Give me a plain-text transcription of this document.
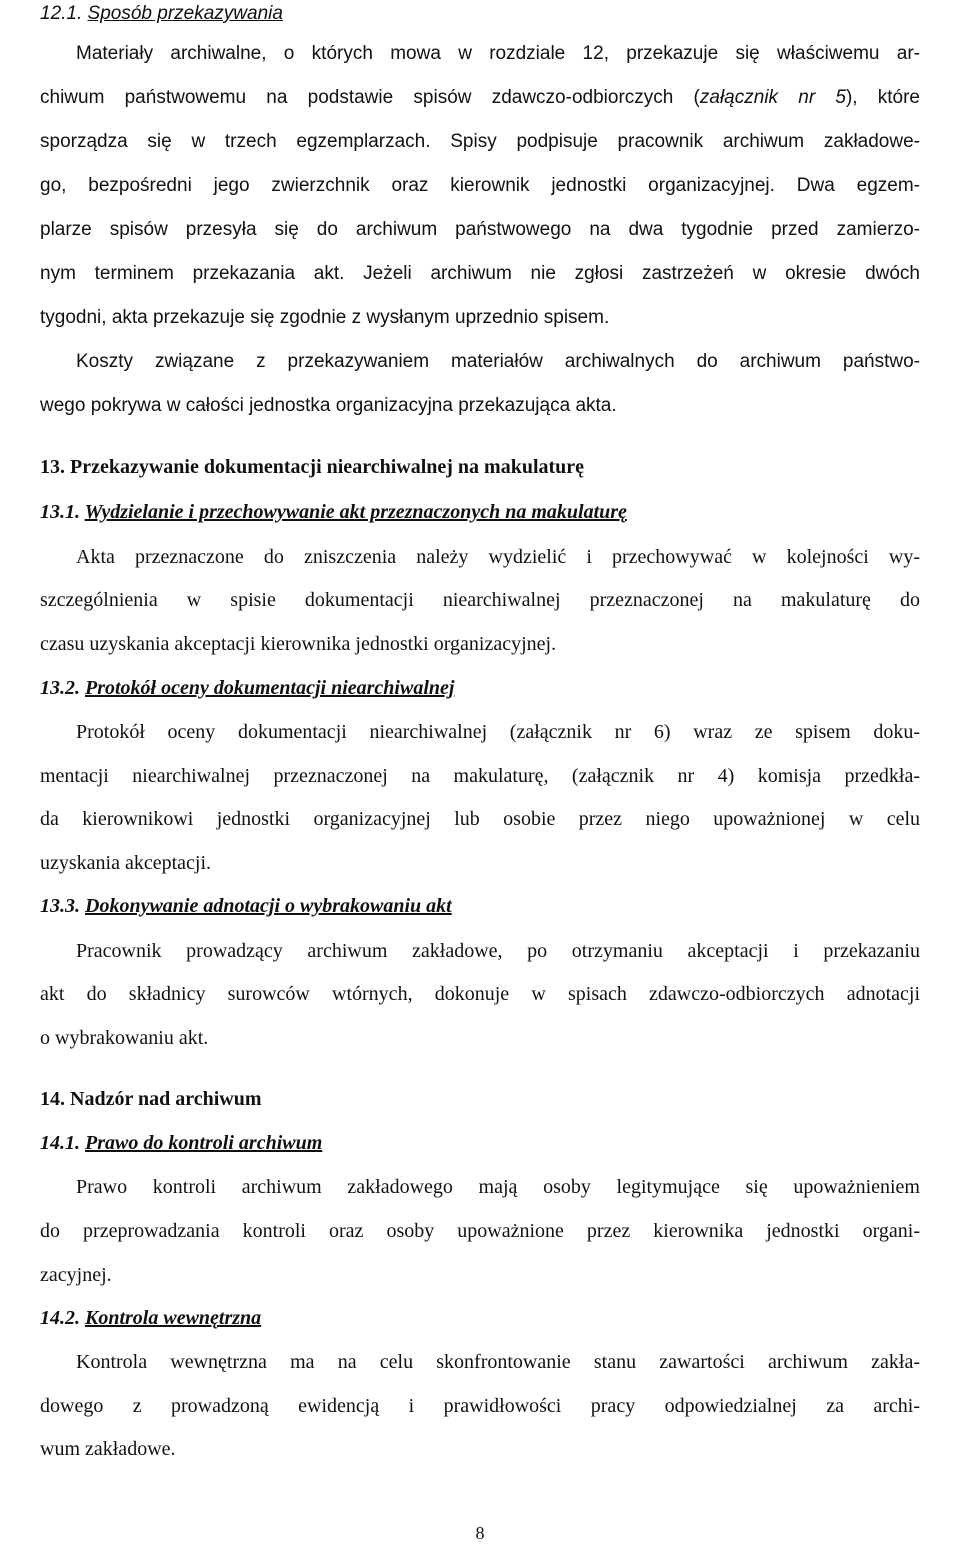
12.1. Sposób przekazywania
Materiały archiwalne, o których mowa w rozdziale 12, przekazuje się właściwemu ar-
chiwum państwowemu na podstawie spisów zdawczo-odbiorczych (załącznik nr 5), które
sporządza się w trzech egzemplarzach. Spisy podpisuje pracownik archiwum zakładowe-
go, bezpośredni jego zwierzchnik oraz kierownik jednostki organizacyjnej. Dwa egzem-
plarze spisów przesyła się do archiwum państwowego na dwa tygodnie przed zamierzo-
nym terminem przekazania akt. Jeżeli archiwum nie zgłosi zastrzeżeń w okresie dwóch
tygodni, akta przekazuje się zgodnie z wysłanym uprzednio spisem.
Koszty związane z przekazywaniem materiałów archiwalnych do archiwum państwo-
wego pokrywa w całości jednostka organizacyjna przekazująca akta.
13. Przekazywanie dokumentacji niearchiwalnej na makulaturę
13.1. Wydzielanie i przechowywanie akt przeznaczonych na makulaturę
Akta przeznaczone do zniszczenia należy wydzielić i przechowywać w kolejności wy-
szczególnienia w spisie dokumentacji niearchiwalnej przeznaczonej na makulaturę do
czasu uzyskania akceptacji kierownika jednostki organizacyjnej.
13.2. Protokół oceny dokumentacji niearchiwalnej
Protokół oceny dokumentacji niearchiwalnej (załącznik nr 6) wraz ze spisem doku-
mentacji niearchiwalnej przeznaczonej na makulaturę, (załącznik nr 4) komisja przedkła-
da kierownikowi jednostki organizacyjnej lub osobie przez niego upoważnionej w celu
uzyskania akceptacji.
13.3. Dokonywanie adnotacji o wybrakowaniu akt
Pracownik prowadzący archiwum zakładowe, po otrzymaniu akceptacji i przekazaniu
akt do składnicy surowców wtórnych, dokonuje w spisach zdawczo-odbiorczych adnotacji
o wybrakowaniu akt.
14. Nadzór nad archiwum
14.1. Prawo do kontroli archiwum
Prawo kontroli archiwum zakładowego mają osoby legitymujące się upoważnieniem
do przeprowadzania kontroli oraz osoby upoważnione przez kierownika jednostki organi-
zacyjnej.
14.2. Kontrola wewnętrzna
Kontrola wewnętrzna ma na celu skonfrontowanie stanu zawartości archiwum zakła-
dowego z prowadzoną ewidencją i prawidłowości pracy odpowiedzialnej za archi-
wum zakładowe.
8
